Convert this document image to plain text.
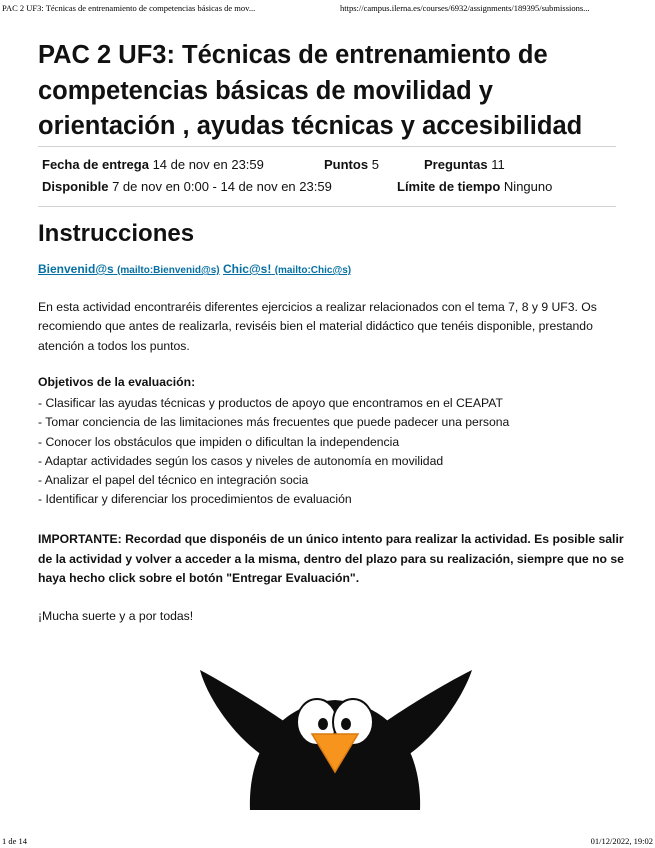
PAC 2 UF3: Técnicas de entrenamiento de competencias básicas de mov...	https://campus.ilerna.es/courses/6932/assignments/189395/submissions...
PAC 2 UF3: Técnicas de entrenamiento de competencias básicas de movilidad y orientación , ayudas técnicas y accesibilidad
Fecha de entrega 14 de nov en 23:59	Puntos 5	Preguntas 11
Disponible 7 de nov en 0:00 - 14 de nov en 23:59	Límite de tiempo Ninguno
Instrucciones
Bienvenid@s (mailto:Bienvenid@s) Chic@s! (mailto:Chic@s)

En esta actividad encontraréis diferentes ejercicios a realizar relacionados con el tema 7, 8 y 9 UF3. Os recomiendo que antes de realizarla, reviséis bien el material didáctico que tenéis disponible, prestando atención a todos los puntos.

Objetivos de la evaluación:

- Clasificar las ayudas técnicas y productos de apoyo que encontramos en el CEAPAT
- Tomar conciencia de las limitaciones más frecuentes que puede padecer una persona
- Conocer los obstáculos que impiden o dificultan la independencia
- Adaptar actividades según los casos y niveles de autonomía en movilidad
- Analizar el papel del técnico en integración socia
- Identificar y diferenciar los procedimientos de evaluación

IMPORTANTE: Recordad que disponéis de un único intento para realizar la actividad. Es posible salir de la actividad y volver a acceder a la misma, dentro del plazo para su realización, siempre que no se haya hecho click sobre el botón "Entregar Evaluación".

¡Mucha suerte y a por todas!

1 de 14	01/12/2022, 19:02
